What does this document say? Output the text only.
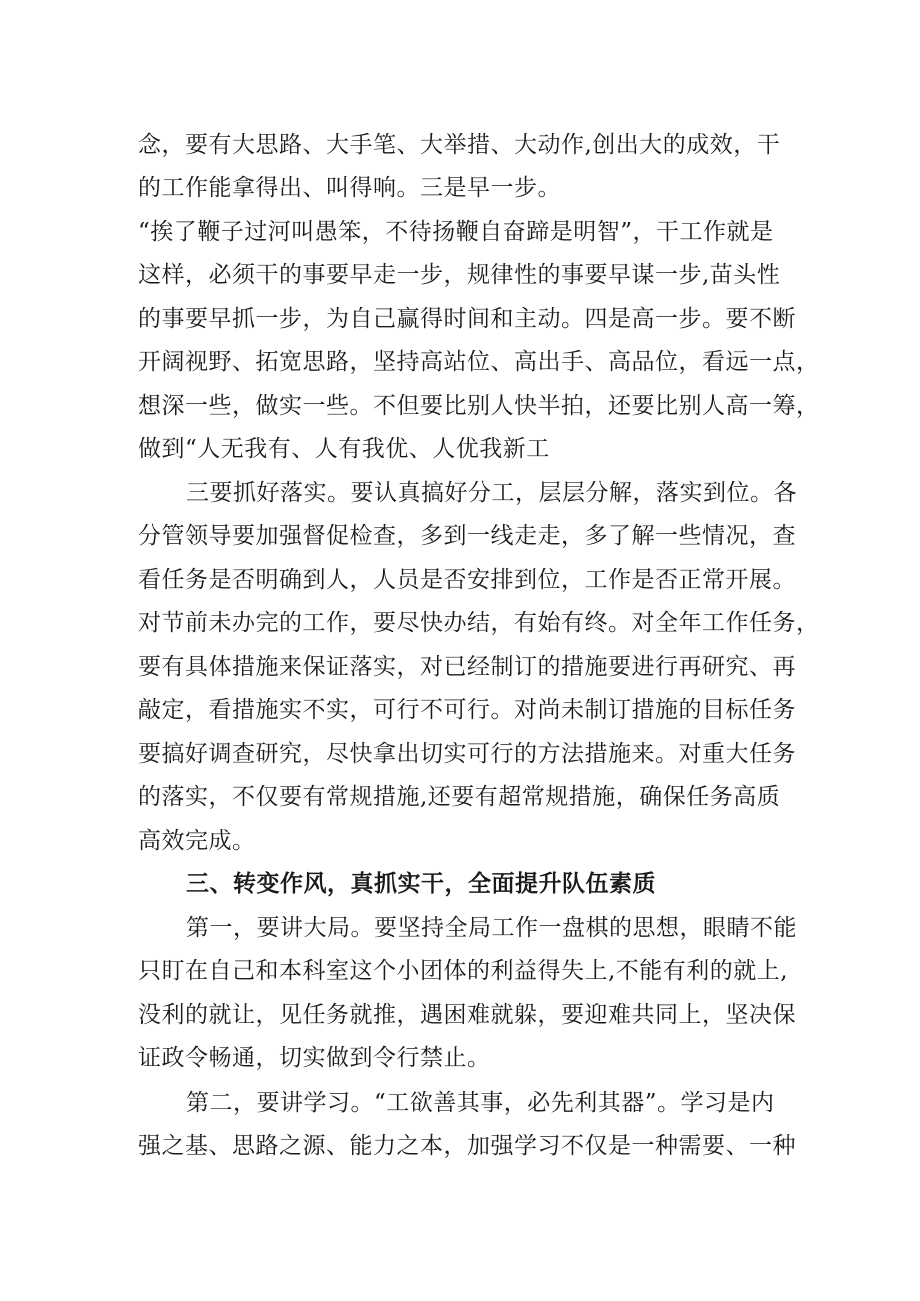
念，要有大思路、大手笔、大举措、大动作,创出大的成效，干
的工作能拿得出、叫得响。三是早一步。
“挨了鞭子过河叫愚笨，不待扬鞭自奋蹄是明智”，干工作就是
这样，必须干的事要早走一步，规律性的事要早谋一步,苗头性
的事要早抓一步，为自己赢得时间和主动。四是高一步。要不断
开阔视野、拓宽思路，坚持高站位、高出手、高品位，看远一点，
想深一些，做实一些。不但要比别人快半拍，还要比别人高一筹，
做到“人无我有、人有我优、人优我新工
三要抓好落实。要认真搞好分工，层层分解，落实到位。各
分管领导要加强督促检查，多到一线走走，多了解一些情况，查
看任务是否明确到人，人员是否安排到位，工作是否正常开展。
对节前未办完的工作，要尽快办结，有始有终。对全年工作任务，
要有具体措施来保证落实，对已经制订的措施要进行再研究、再
敲定，看措施实不实，可行不可行。对尚未制订措施的目标任务
要搞好调查研究，尽快拿出切实可行的方法措施来。对重大任务
的落实，不仅要有常规措施,还要有超常规措施，确保任务高质
高效完成。
三、转变作风，真抓实干，全面提升队伍素质
第一，要讲大局。要坚持全局工作一盘棋的思想，眼睛不能
只盯在自己和本科室这个小团体的利益得失上,不能有利的就上,
没利的就让，见任务就推，遇困难就躲，要迎难共同上，坚决保
证政令畅通，切实做到令行禁止。
第二，要讲学习。“工欲善其事，必先利其器”。学习是内
强之基、思路之源、能力之本，加强学习不仅是一种需要、一种
